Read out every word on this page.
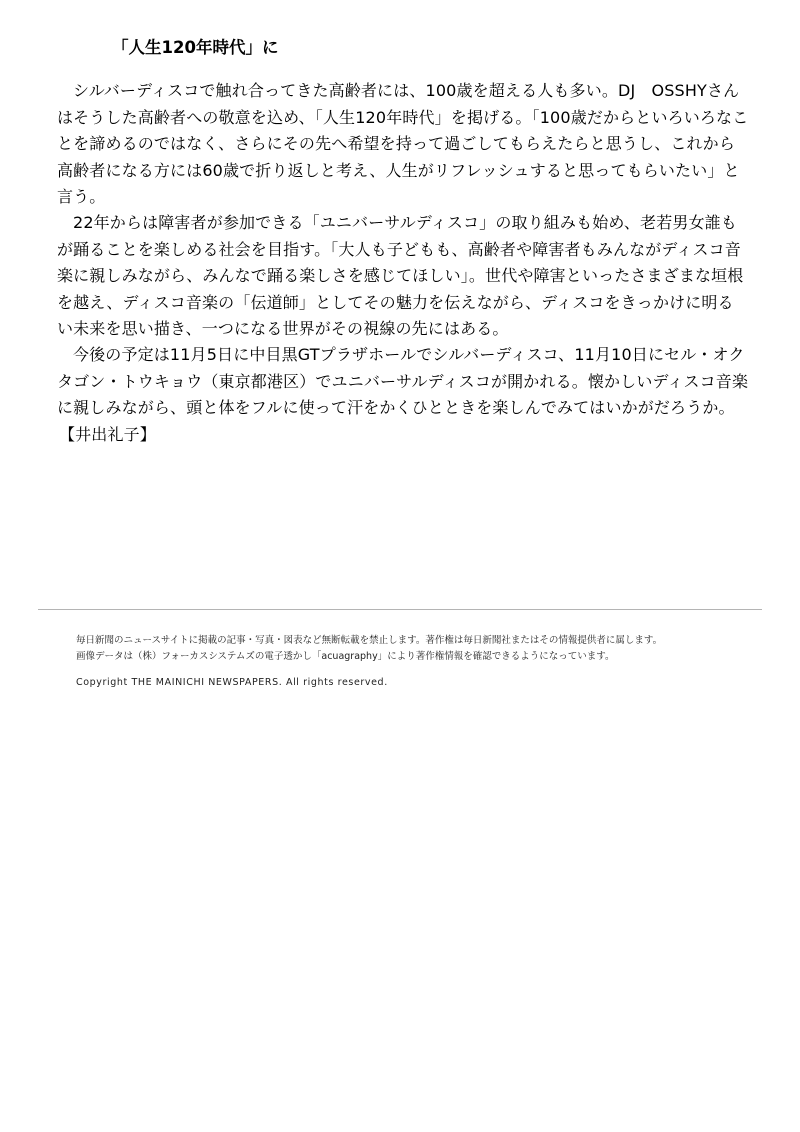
「人生120年時代」に

シルバーディスコで触れ合ってきた高齢者には、100歳を超える人も多い。DJ　OSSHYさんはそうした高齢者への敬意を込め、「人生120年時代」を掲げる。「100歳だからといろいろなことを諦めるのではなく、さらにその先へ希望を持って過ごしてもらえたらと思うし、これから高齢者になる方には60歳で折り返しと考え、人生がリフレッシュすると思ってもらいたい」と言う。

22年からは障害者が参加できる「ユニバーサルディスコ」の取り組みも始め、老若男女誰もが踊ることを楽しめる社会を目指す。「大人も子どもも、高齢者や障害者もみんながディスコ音楽に親しみながら、みんなで踊る楽しさを感じてほしい」。世代や障害といったさまざまな垣根を越え、ディスコ音楽の「伝道師」としてその魅力を伝えながら、ディスコをきっかけに明るい未来を思い描き、一つになる世界がその視線の先にはある。

今後の予定は11月5日に中目黒GTプラザホールでシルバーディスコ、11月10日にセル・オクタゴン・トウキョウ（東京都港区）でユニバーサルディスコが開かれる。懐かしいディスコ音楽に親しみながら、頭と体をフルに使って汗をかくひとときを楽しんでみてはいかがだろうか。
【井出礼子】

毎日新聞のニュースサイトに掲載の記事・写真・図表など無断転載を禁止します。著作権は毎日新聞社またはその情報提供者に属します。

画像データは（株）フォーカスシステムズの電子透かし「acuagraphy」により著作権情報を確認できるようになっています。

Copyright THE MAINICHI NEWSPAPERS. All rights reserved.
